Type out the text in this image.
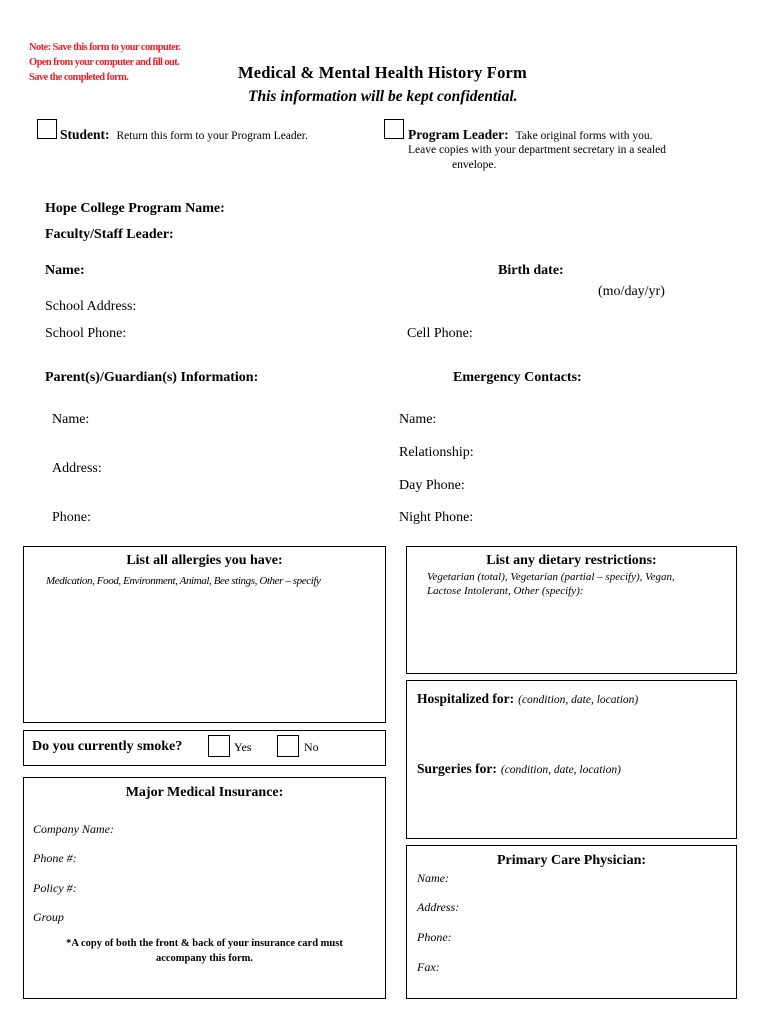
Note: Save this form to your computer.
Open from your computer and fill out.
Save the completed form.	Medical & Mental Health History Form
This information will be kept confidential.
Student: Return this form to your Program Leader.	Program Leader: Take original forms with you.
Leave copies with your department secretary in a sealed
envelope.
Hope College Program Name:
Faculty/Staff Leader:
Name:	Birth date:
(mo/day/yr)
School Address:
School Phone:	Cell Phone:
Parent(s)/Guardian(s) Information:	Emergency Contacts:
Name:
Address:
Phone:
Name:
Relationship:
Day Phone:
Night Phone:
List all allergies you have:
Medication, Food, Environment, Animal, Bee stings, Other – specify
List any dietary restrictions:
Vegetarian (total), Vegetarian (partial – specify), Vegan,
Lactose Intolerant, Other (specify):
Hospitalized for: (condition, date, location)
Surgeries for: (condition, date, location)
Do you currently smoke?	Yes	No
Major Medical Insurance:
Company Name:
Phone #:
Policy #:
Group
*A copy of both the front & back of your insurance card must
accompany this form.
Primary Care Physician:
Name:
Address:
Phone:
Fax:
